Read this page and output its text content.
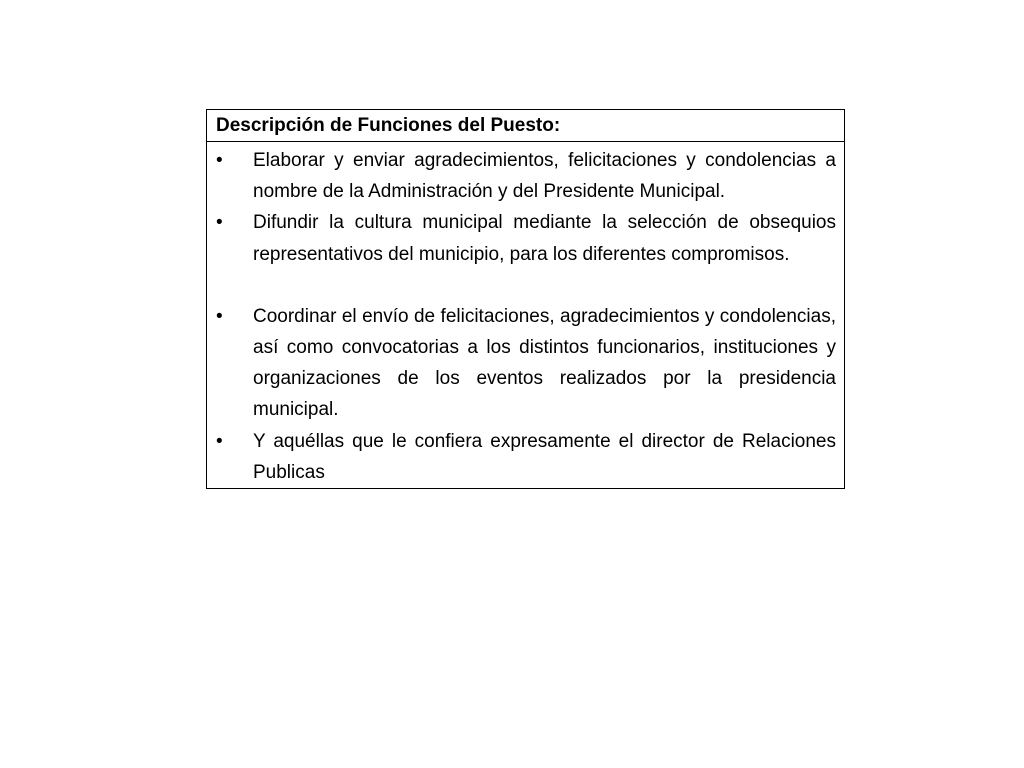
Descripción de Funciones del Puesto:
•	Elaborar y enviar agradecimientos, felicitaciones y condolencias a nombre de la Administración y del Presidente Municipal.
•	Difundir la cultura municipal mediante la selección de obsequios representativos del municipio, para los diferentes compromisos.
•	Coordinar el envío de felicitaciones, agradecimientos y condolencias, así como convocatorias a los distintos funcionarios, instituciones y organizaciones de los eventos realizados por la presidencia municipal.
•	Y aquéllas que le confiera expresamente el director de Relaciones Publicas
